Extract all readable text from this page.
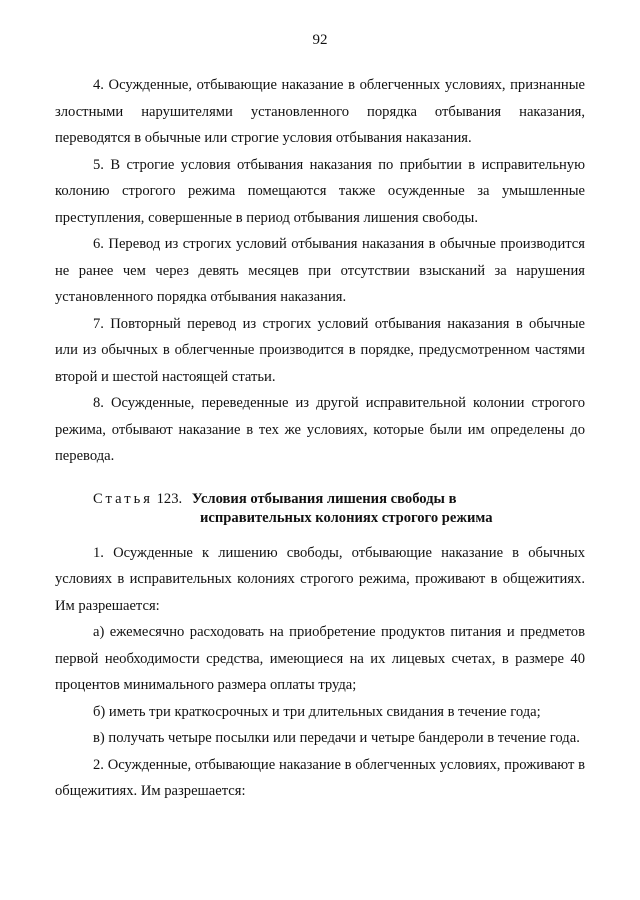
92

4. Осужденные, отбывающие наказание в облегченных условиях, признанные злостными нарушителями установленного порядка отбывания наказания, переводятся в обычные или строгие условия отбывания наказания.

5. В строгие условия отбывания наказания по прибытии в исправительную колонию строгого режима помещаются также осужденные за умышленные преступления, совершенные в период отбывания лишения свободы.

6. Перевод из строгих условий отбывания наказания в обычные производится не ранее чем через девять месяцев при отсутствии взысканий за нарушения установленного порядка отбывания наказания.

7. Повторный перевод из строгих условий отбывания наказания в обычные или из обычных в облегченные производится в порядке, предусмотренном частями второй и шестой настоящей статьи.

8. Осужденные, переведенные из другой исправительной колонии строгого режима, отбывают наказание в тех же условиях, которые были им определены до перевода.

Статья 123. Условия отбывания лишения свободы в
исправительных колониях строгого режима

1. Осужденные к лишению свободы, отбывающие наказание в обычных условиях в исправительных колониях строгого режима, проживают в общежитиях. Им разрешается:

а) ежемесячно расходовать на приобретение продуктов питания и предметов первой необходимости средства, имеющиеся на их лицевых счетах, в размере 40 процентов минимального размера оплаты труда;

б) иметь три краткосрочных и три длительных свидания в течение года;

в) получать четыре посылки или передачи и четыре бандероли в течение года.

2. Осужденные, отбывающие наказание в облегченных условиях, проживают в общежитиях. Им разрешается:
